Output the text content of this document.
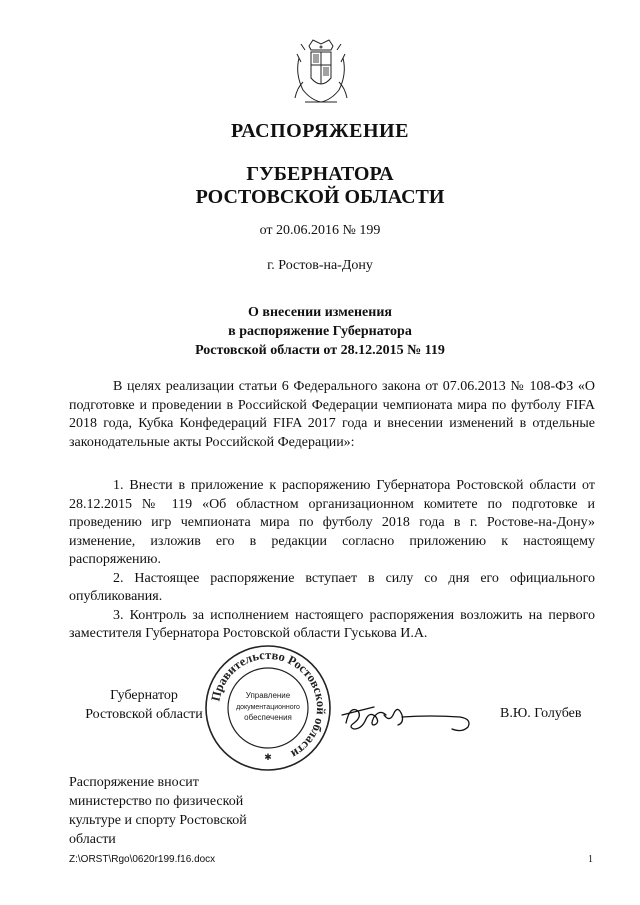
РАСПОРЯЖЕНИЕ
ГУБЕРНАТОРА
РОСТОВСКОЙ ОБЛАСТИ
от 20.06.2016 № 199
г. Ростов-на-Дону
О внесении изменения
в распоряжение Губернатора
Ростовской области от 28.12.2015 № 119

В целях реализации статьи 6 Федерального закона от 07.06.2013 № 108-ФЗ «О подготовке и проведении в Российской Федерации чемпионата мира по футболу FIFA 2018 года, Кубка Конфедераций FIFA 2017 года и внесении изменений в отдельные законодательные акты Российской Федерации»:

1. Внести в приложение к распоряжению Губернатора Ростовской области от 28.12.2015 № 119 «Об областном организационном комитете по подготовке и проведению игр чемпионата мира по футболу 2018 года в г. Ростове-на-Дону» изменение, изложив его в редакции согласно приложению к настоящему распоряжению.

2. Настоящее распоряжение вступает в силу со дня его официального опубликования.

3. Контроль за исполнением настоящего распоряжения возложить на первого заместителя Губернатора Ростовской области Гуськова И.А.

Губернатор
Ростовской области
Правительство Ростовской области
Управление
документационного
обеспечения
✱
В.Ю. Голубев
Распоряжение вносит
министерство по физической
культуре и спорту Ростовской
области
Z:\ORST\Rgo\0620r199.f16.docx	1
